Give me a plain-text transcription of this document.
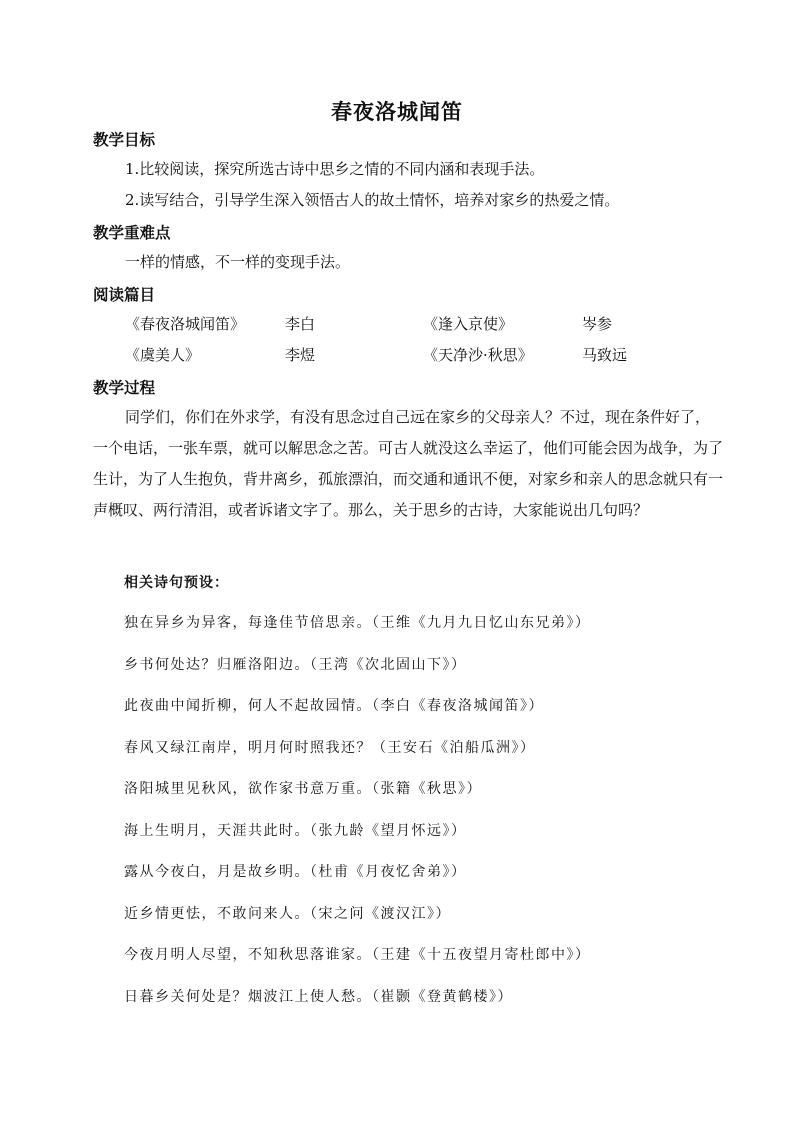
春夜洛城闻笛
教学目标
1.比较阅读，探究所选古诗中思乡之情的不同内涵和表现手法。
2.读写结合，引导学生深入领悟古人的故土情怀，培养对家乡的热爱之情。
教学重难点
一样的情感，不一样的变现手法。
阅读篇目
《春夜洛城闻笛》	李白	《逢入京使》	岑参
《虞美人》	李煜	《天净沙·秋思》	马致远
教学过程
同学们，你们在外求学，有没有思念过自己远在家乡的父母亲人？不过，现在条件好了，一个电话，一张车票，就可以解思念之苦。可古人就没这么幸运了，他们可能会因为战争，为了生计，为了人生抱负，背井离乡，孤旅漂泊，而交通和通讯不便，对家乡和亲人的思念就只有一声概叹、两行清泪，或者诉诸文字了。那么，关于思乡的古诗，大家能说出几句吗？
相关诗句预设：
独在异乡为异客，每逢佳节倍思亲。（王维《九月九日忆山东兄弟》）
乡书何处达？归雁洛阳边。（王湾《次北固山下》）
此夜曲中闻折柳，何人不起故园情。（李白《春夜洛城闻笛》）
春风又绿江南岸，明月何时照我还？（王安石《泊船瓜洲》）
洛阳城里见秋风，欲作家书意万重。（张籍《秋思》）
海上生明月，天涯共此时。（张九龄《望月怀远》）
露从今夜白，月是故乡明。（杜甫《月夜忆舍弟》）
近乡情更怯，不敢问来人。（宋之问《渡汉江》）
今夜月明人尽望，不知秋思落谁家。（王建《十五夜望月寄杜郎中》）
日暮乡关何处是？烟波江上使人愁。（崔颢《登黄鹤楼》）
